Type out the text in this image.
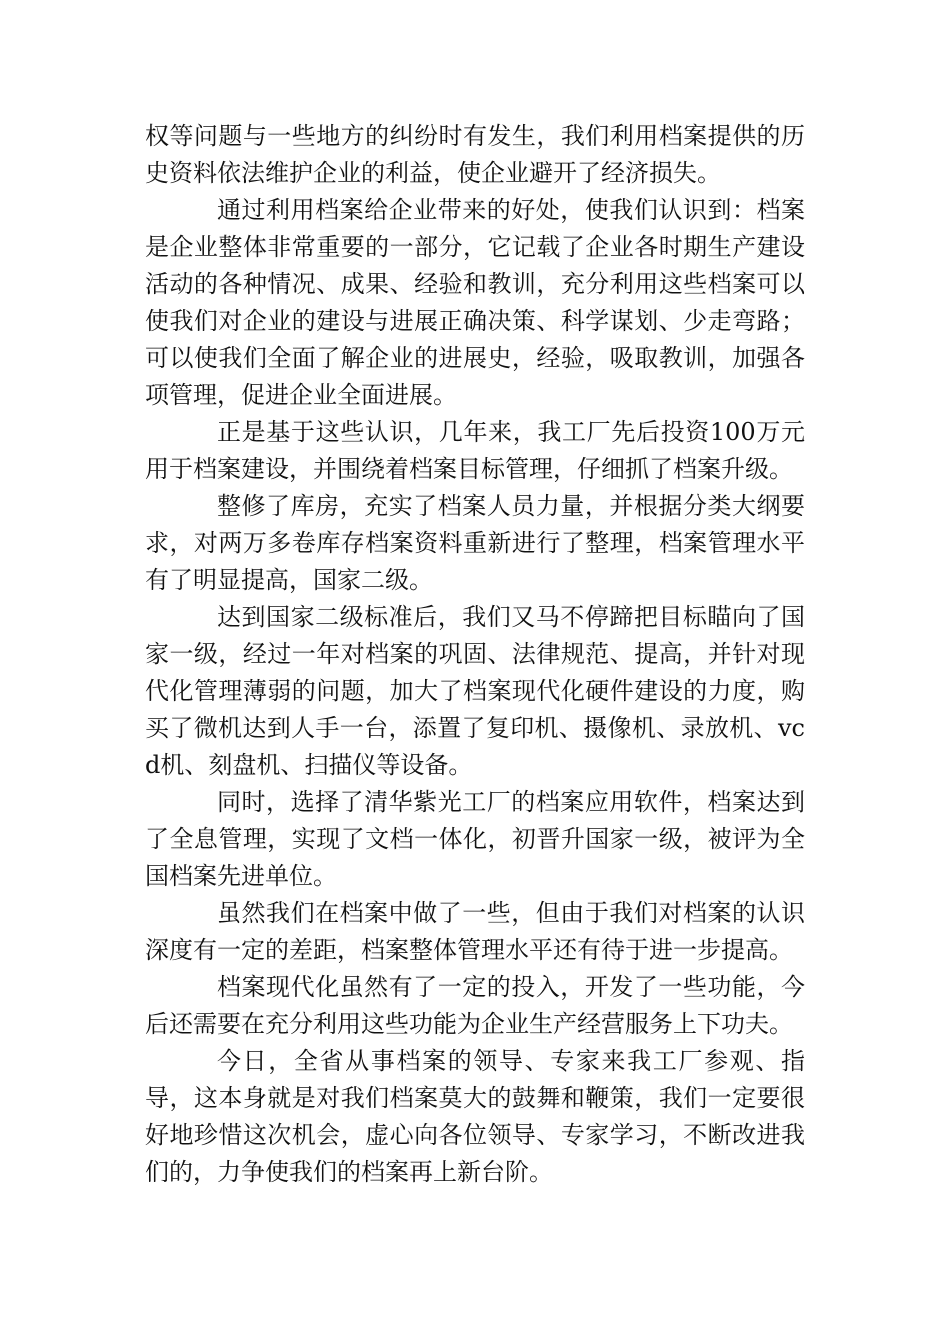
权等问题与一些地方的纠纷时有发生，我们利用档案提供的历史资料依法维护企业的利益，使企业避开了经济损失。

通过利用档案给企业带来的好处，使我们认识到：档案是企业整体非常重要的一部分，它记载了企业各时期生产建设活动的各种情况、成果、经验和教训，充分利用这些档案可以使我们对企业的建设与进展正确决策、科学谋划、少走弯路；可以使我们全面了解企业的进展史，经验，吸取教训，加强各项管理，促进企业全面进展。

正是基于这些认识，几年来，我工厂先后投资100万元用于档案建设，并围绕着档案目标管理，仔细抓了档案升级。

整修了库房，充实了档案人员力量，并根据分类大纲要求，对两万多卷库存档案资料重新进行了整理，档案管理水平有了明显提高，国家二级。

达到国家二级标准后，我们又马不停蹄把目标瞄向了国家一级，经过一年对档案的巩固、法律规范、提高，并针对现代化管理薄弱的问题，加大了档案现代化硬件建设的力度，购买了微机达到人手一台，添置了复印机、摄像机、录放机、vcd机、刻盘机、扫描仪等设备。

同时，选择了清华紫光工厂的档案应用软件，档案达到了全息管理，实现了文档一体化，初晋升国家一级，被评为全国档案先进单位。

虽然我们在档案中做了一些，但由于我们对档案的认识深度有一定的差距，档案整体管理水平还有待于进一步提高。

档案现代化虽然有了一定的投入，开发了一些功能，今后还需要在充分利用这些功能为企业生产经营服务上下功夫。

今日，全省从事档案的领导、专家来我工厂参观、指导，这本身就是对我们档案莫大的鼓舞和鞭策，我们一定要很好地珍惜这次机会，虚心向各位领导、专家学习，不断改进我们的，力争使我们的档案再上新台阶。
